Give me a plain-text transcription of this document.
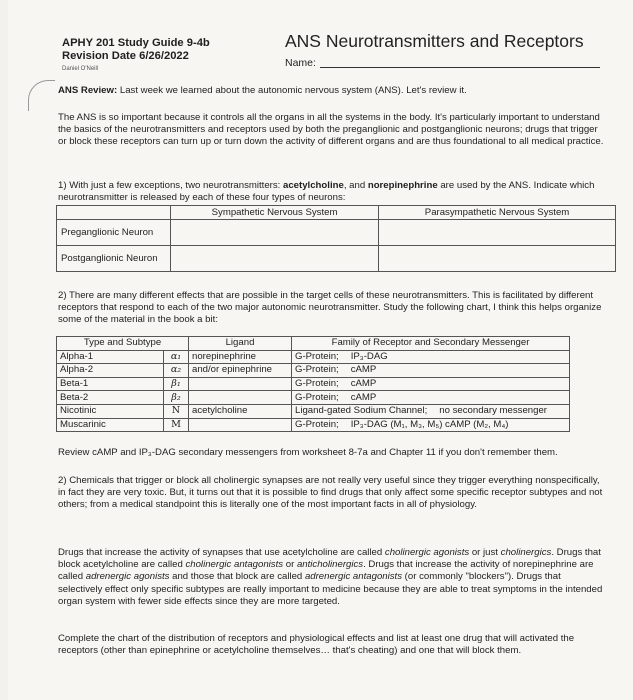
APHY 201 Study Guide 9-4b
Revision Date 6/26/2022
Daniel O'Neill
ANS Neurotransmitters and Receptors
Name:
ANS Review: Last week we learned about the autonomic nervous system (ANS). Let's review it.
The ANS is so important because it controls all the organs in all the systems in the body. It's particularly important to understand the basics of the neurotransmitters and receptors used by both the preganglionic and postganglionic neurons; drugs that trigger or block these receptors can turn up or turn down the activity of different organs and are thus foundational to all medical practice.
1) With just a few exceptions, two neurotransmitters: acetylcholine, and norepinephrine are used by the ANS. Indicate which neurotransmitter is released by each of these four types of neurons:
	Sympathetic Nervous System	Parasympathetic Nervous System
Preganglionic Neuron		
Postganglionic Neuron		
2) There are many different effects that are possible in the target cells of these neurotransmitters. This is facilitated by different receptors that respond to each of the two major autonomic neurotransmitter. Study the following chart, I think this helps organize some of the material in the book a bit:
Type and Subtype		Ligand	Family of Receptor and Secondary Messenger
Alpha-1	α₁	norepinephrine	G-Protein; IP₃-DAG
Alpha-2	α₂	and/or epinephrine	G-Protein; cAMP
Beta-1	β₁		G-Protein; cAMP
Beta-2	β₂		G-Protein; cAMP
Nicotinic	N	acetylcholine	Ligand-gated Sodium Channel; no secondary messenger
Muscarinic	M		G-Protein; IP₃-DAG (M₁, M₃, M₅) cAMP (M₂, M₄)
Review cAMP and IP₃-DAG secondary messengers from worksheet 8-7a and Chapter 11 if you don't remember them.
2) Chemicals that trigger or block all cholinergic synapses are not really very useful since they trigger everything nonspecifically, in fact they are very toxic. But, it turns out that it is possible to find drugs that only affect some specific receptor subtypes and not others; from a medical standpoint this is literally one of the most important facts in all of physiology.
Drugs that increase the activity of synapses that use acetylcholine are called cholinergic agonists or just cholinergics. Drugs that block acetylcholine are called cholinergic antagonists or anticholinergics. Drugs that increase the activity of norepinephrine are called adrenergic agonists and those that block are called adrenergic antagonists (or commonly "blockers"). Drugs that selectively effect only specific subtypes are really important to medicine because they are able to treat symptoms in the intended organ system with fewer side effects since they are more targeted.
Complete the chart of the distribution of receptors and physiological effects and list at least one drug that will activated the receptors (other than epinephrine or acetylcholine themselves… that's cheating) and one that will block them.
